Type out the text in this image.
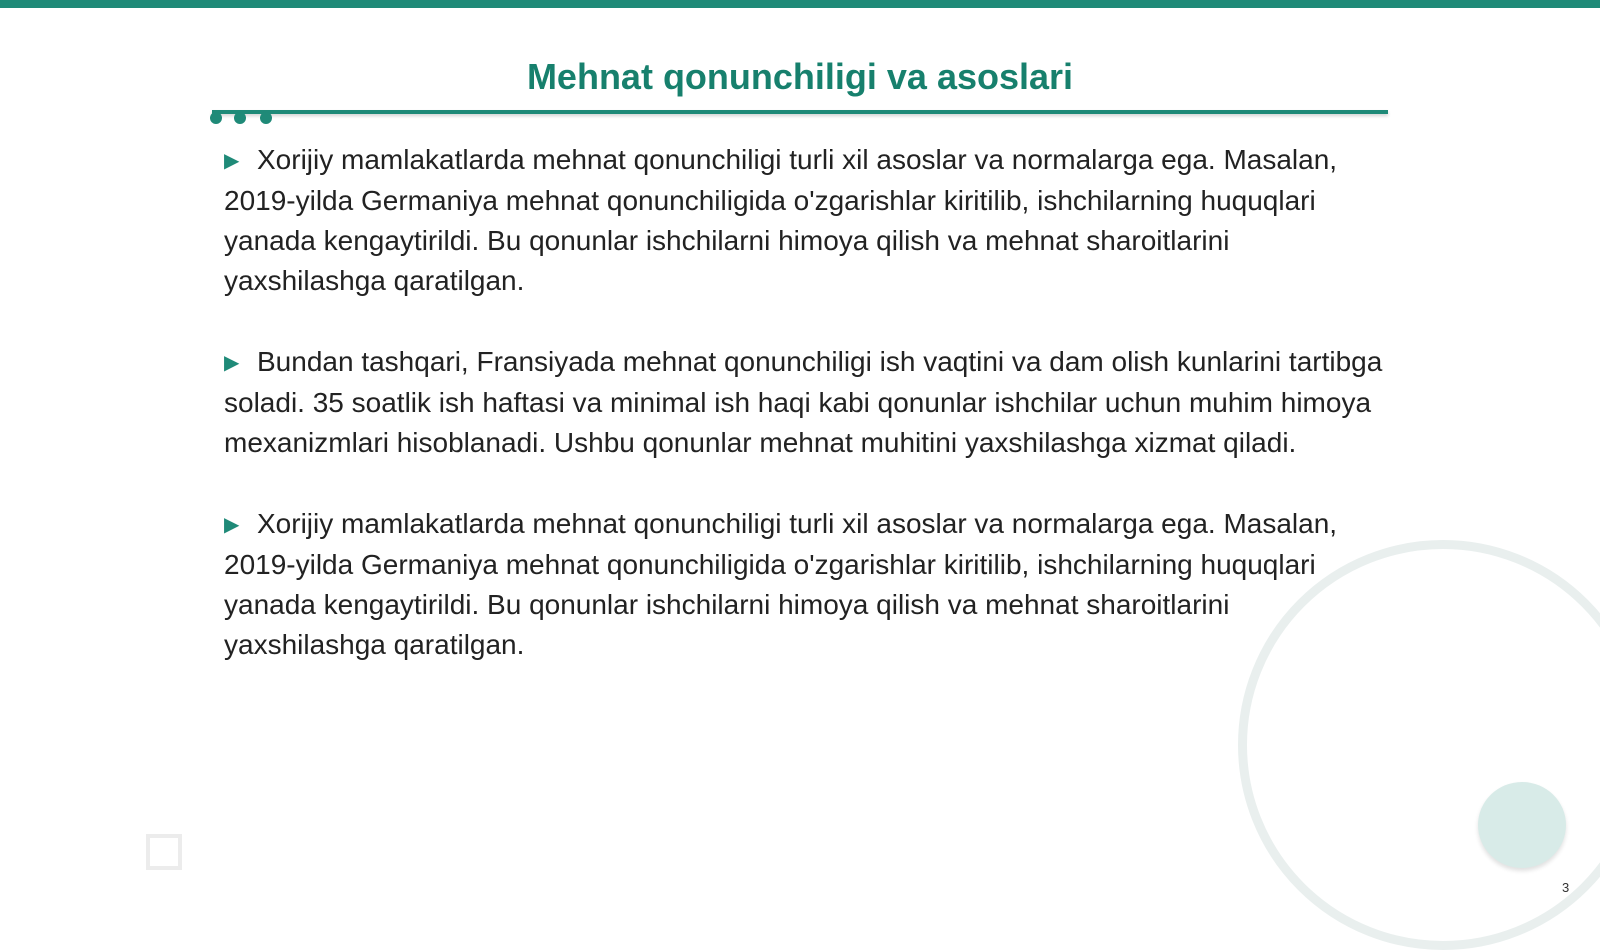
Mehnat qonunchiligi va asoslari

▶ Xorijiy mamlakatlarda mehnat qonunchiligi turli xil asoslar va normalarga ega. Masalan, 2019-yilda Germaniya mehnat qonunchiligida o'zgarishlar kiritilib, ishchilarning huquqlari yanada kengaytirildi. Bu qonunlar ishchilarni himoya qilish va mehnat sharoitlarini yaxshilashga qaratilgan.

▶ Bundan tashqari, Fransiyada mehnat qonunchiligi ish vaqtini va dam olish kunlarini tartibga soladi. 35 soatlik ish haftasi va minimal ish haqi kabi qonunlar ishchilar uchun muhim himoya mexanizmlari hisoblanadi. Ushbu qonunlar mehnat muhitini yaxshilashga xizmat qiladi.

▶ Xorijiy mamlakatlarda mehnat qonunchiligi turli xil asoslar va normalarga ega. Masalan, 2019-yilda Germaniya mehnat qonunchiligida o'zgarishlar kiritilib, ishchilarning huquqlari yanada kengaytirildi. Bu qonunlar ishchilarni himoya qilish va mehnat sharoitlarini yaxshilashga qaratilgan.

3
